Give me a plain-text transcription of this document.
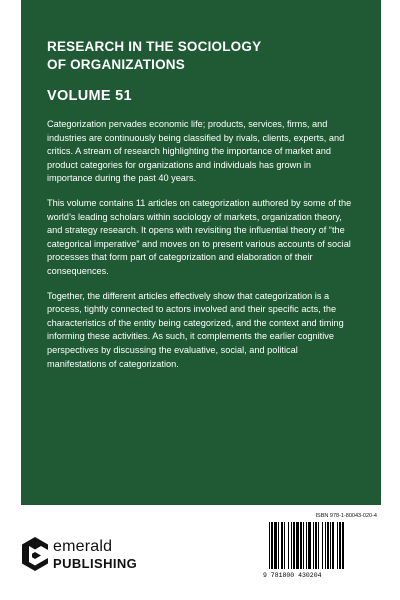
RESEARCH IN THE SOCIOLOGY
OF ORGANIZATIONS
VOLUME 51

Categorization pervades economic life; products, services, firms, and industries are continuously being classified by rivals, clients, experts, and critics. A stream of research highlighting the importance of market and product categories for organizations and individuals has grown in importance during the past 40 years.

This volume contains 11 articles on categorization authored by some of the world’s leading scholars within sociology of markets, organization theory, and strategy research. It opens with revisiting the influential theory of “the categorical imperative” and moves on to present various accounts of social processes that form part of categorization and elaboration of their consequences.

Together, the different articles effectively show that categorization is a process, tightly connected to actors involved and their specific acts, the characteristics of the entity being categorized, and the context and timing informing these activities. As such, it complements the earlier cognitive perspectives by discussing the evaluative, social, and political manifestations of categorization.

ISBN 978-1-80043-020-4
9 781800 430204
emerald
PUBLISHING
